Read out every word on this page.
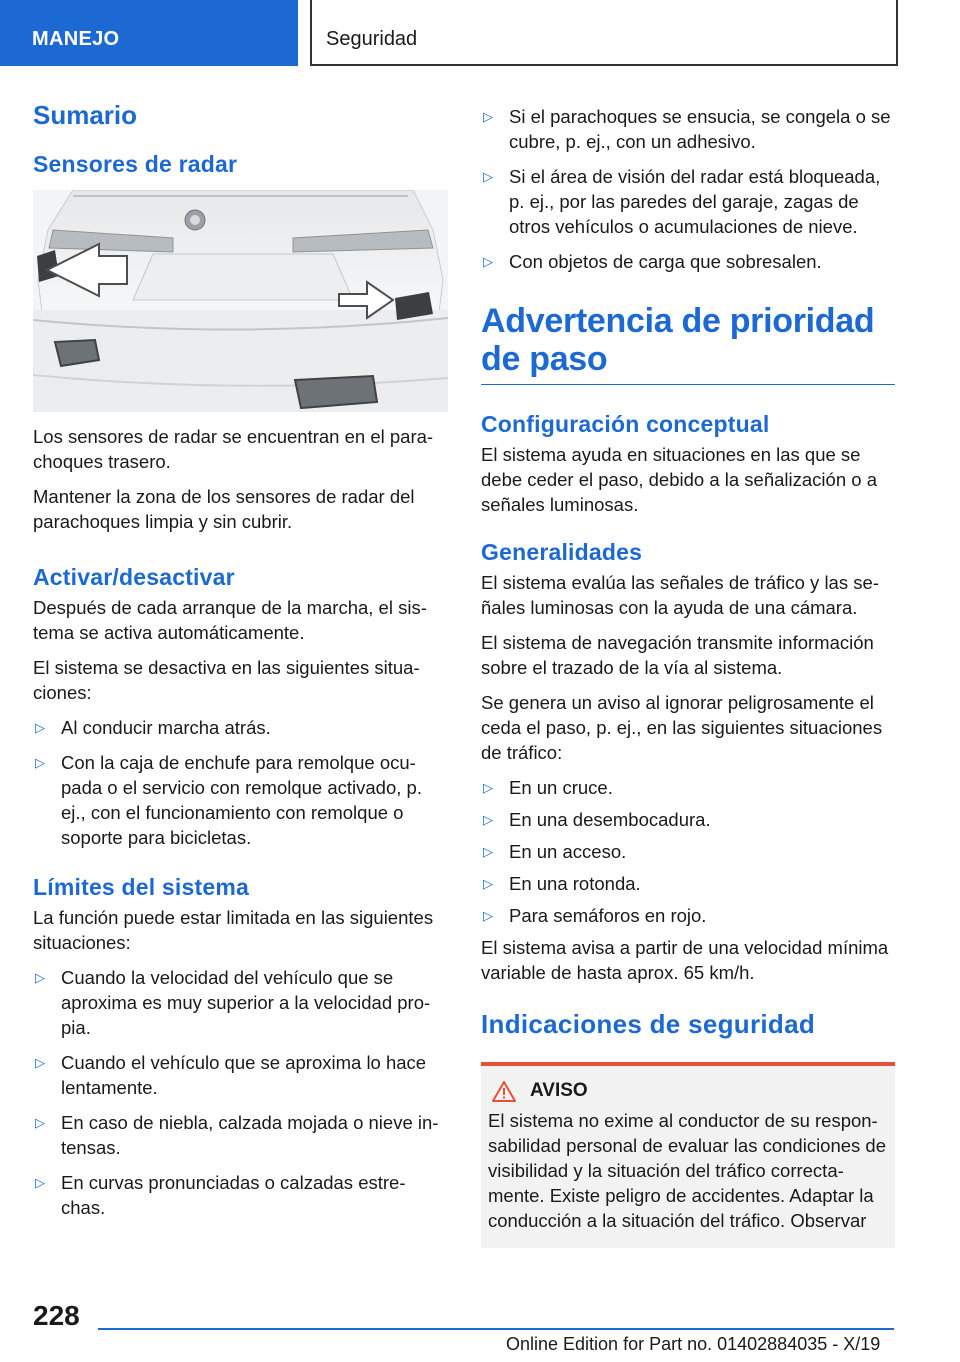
MANEJO	Seguridad
Sumario
Sensores de radar

Los sensores de radar se encuentran en el para‐choques trasero.

Mantener la zona de los sensores de radar del parachoques limpia y sin cubrir.

Activar/desactivar

Después de cada arranque de la marcha, el sis‐tema se activa automáticamente.

El sistema se desactiva en las siguientes situa‐ciones:

▷ Al conducir marcha atrás.
▷ Con la caja de enchufe para remolque ocu‐pada o el servicio con remolque activado, p. ej., con el funcionamiento con remolque o soporte para bicicletas.
Límites del sistema

La función puede estar limitada en las siguientes situaciones:

▷ Cuando la velocidad del vehículo que se aproxima es muy superior a la velocidad pro‐pia.
▷ Cuando el vehículo que se aproxima lo hace lentamente.
▷ En caso de niebla, calzada mojada o nieve in‐tensas.
▷ En curvas pronunciadas o calzadas estre‐chas.
▷ Si el parachoques se ensucia, se congela o se cubre, p. ej., con un adhesivo.
▷ Si el área de visión del radar está bloqueada, p. ej., por las paredes del garaje, zagas de otros vehículos o acumulaciones de nieve.
▷ Con objetos de carga que sobresalen.
Advertencia de prioridad de paso
Configuración conceptual

El sistema ayuda en situaciones en las que se debe ceder el paso, debido a la señalización o a señales luminosas.

Generalidades

El sistema evalúa las señales de tráfico y las se‐ñales luminosas con la ayuda de una cámara.

El sistema de navegación transmite información sobre el trazado de la vía al sistema.

Se genera un aviso al ignorar peligrosamente el ceda el paso, p. ej., en las siguientes situaciones de tráfico:

▷ En un cruce.
▷ En una desembocadura.
▷ En un acceso.
▷ En una rotonda.
▷ Para semáforos en rojo.

El sistema avisa a partir de una velocidad mínima variable de hasta aprox. 65 km/h.

Indicaciones de seguridad
AVISO

El sistema no exime al conductor de su respon‐sabilidad personal de evaluar las condiciones de visibilidad y la situación del tráfico correcta‐mente. Existe peligro de accidentes. Adaptar la conducción a la situación del tráfico. Observar

228
Online Edition for Part no. 01402884035 - X/19
